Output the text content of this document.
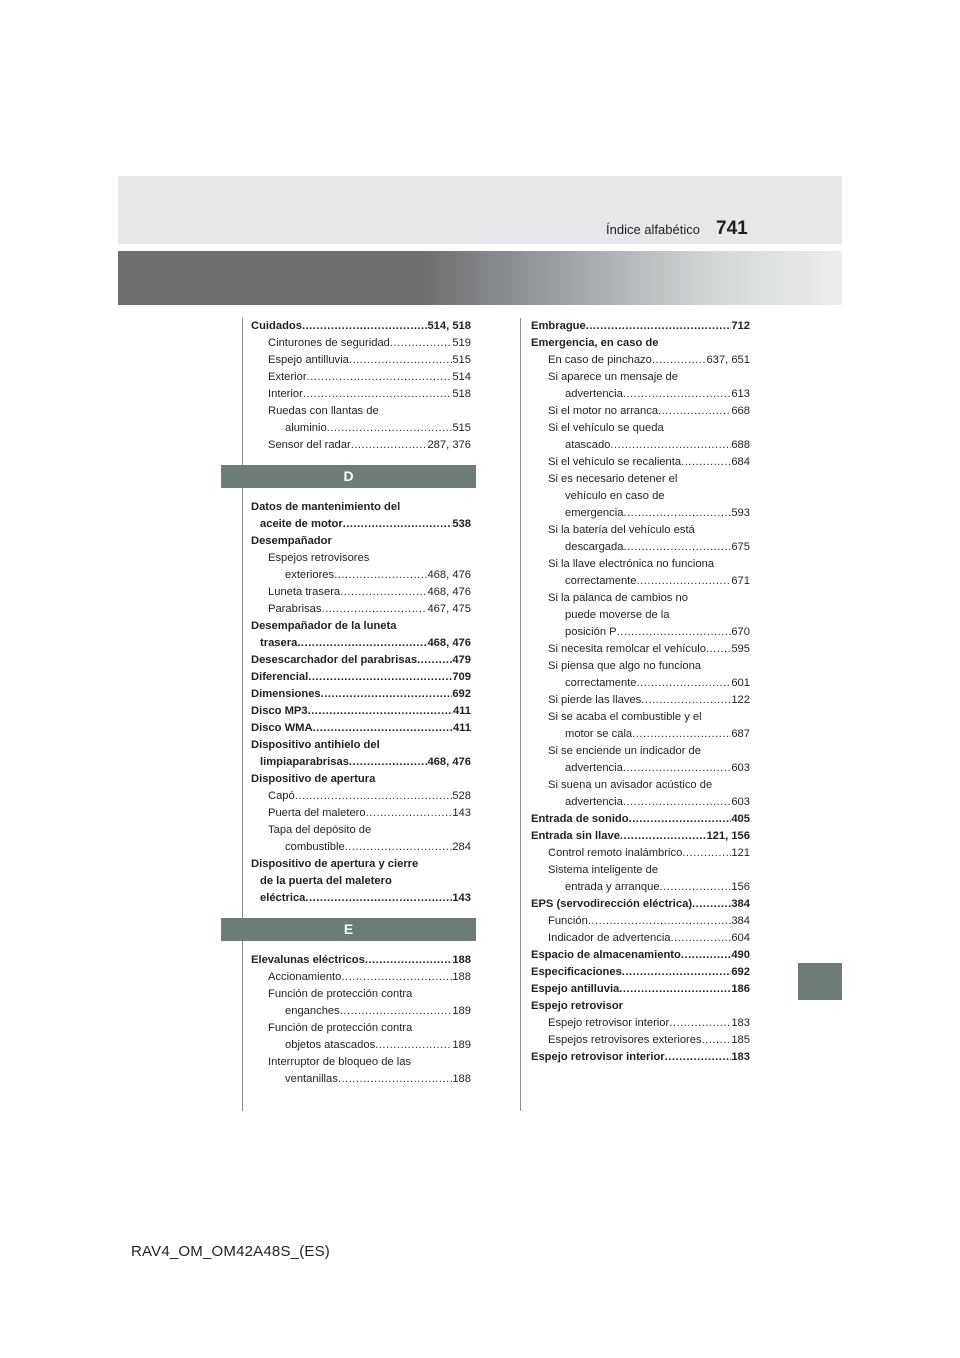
Índice alfabético 741
Cuidados .....	514, 518
Cinturones de seguridad .....	519
Espejo antilluvia .....	515
Exterior .....	514
Interior .....	518
Ruedas con llantas de
aluminio .....	515
Sensor del radar .....	287, 376
D
Datos de mantenimiento del
aceite de motor .....	538
Desempañador
Espejos retrovisores
exteriores .....	468, 476
Luneta trasera .....	468, 476
Parabrisas .....	467, 475
Desempañador de la luneta
trasera .....	468, 476
Desescarchador del parabrisas .....	479
Diferencial .....	709
Dimensiones .....	692
Disco MP3 .....	411
Disco WMA .....	411
Dispositivo antihielo del
limpiaparabrisas .....	468, 476
Dispositivo de apertura
Capó .....	528
Puerta del maletero .....	143
Tapa del depósito de
combustible .....	284
Dispositivo de apertura y cierre
de la puerta del maletero
eléctrica .....	143
E
Elevalunas eléctricos .....	188
Accionamiento .....	188
Función de protección contra
enganches .....	189
Función de protección contra
objetos atascados .....	189
Interruptor de bloqueo de las
ventanillas .....	188
Embrague .....	712
Emergencia, en caso de
En caso de pinchazo .....	637, 651
Si aparece un mensaje de
advertencia .....	613
Si el motor no arranca .....	668
Si el vehículo se queda
atascado .....	688
Si el vehículo se recalienta .....	684
Si es necesario detener el
vehículo en caso de
emergencia .....	593
Si la batería del vehículo está
descargada .....	675
Si la llave electrónica no funciona
correctamente .....	671
Si la palanca de cambios no
puede moverse de la
posición P .....	670
Si necesita remolcar el vehículo ..... 595
Si piensa que algo no funciona
correctamente .....	601
Si pierde las llaves .....	122
Si se acaba el combustible y el
motor se cala .....	687
Si se enciende un indicador de
advertencia .....	603
Si suena un avisador acústico de
advertencia .....	603
Entrada de sonido .....	405
Entrada sin llave .....	121, 156
Control remoto inalámbrico .....	121
Sistema inteligente de
entrada y arranque .....	156
EPS (servodirección eléctrica) .....	384
Función .....	384
Indicador de advertencia .....	604
Espacio de almacenamiento .....	490
Especificaciones .....	692
Espejo antilluvia .....	186
Espejo retrovisor
Espejo retrovisor interior .....	183
Espejos retrovisores exteriores .....	185
Espejo retrovisor interior .....	183
RAV4_OM_OM42A48S_(ES)
